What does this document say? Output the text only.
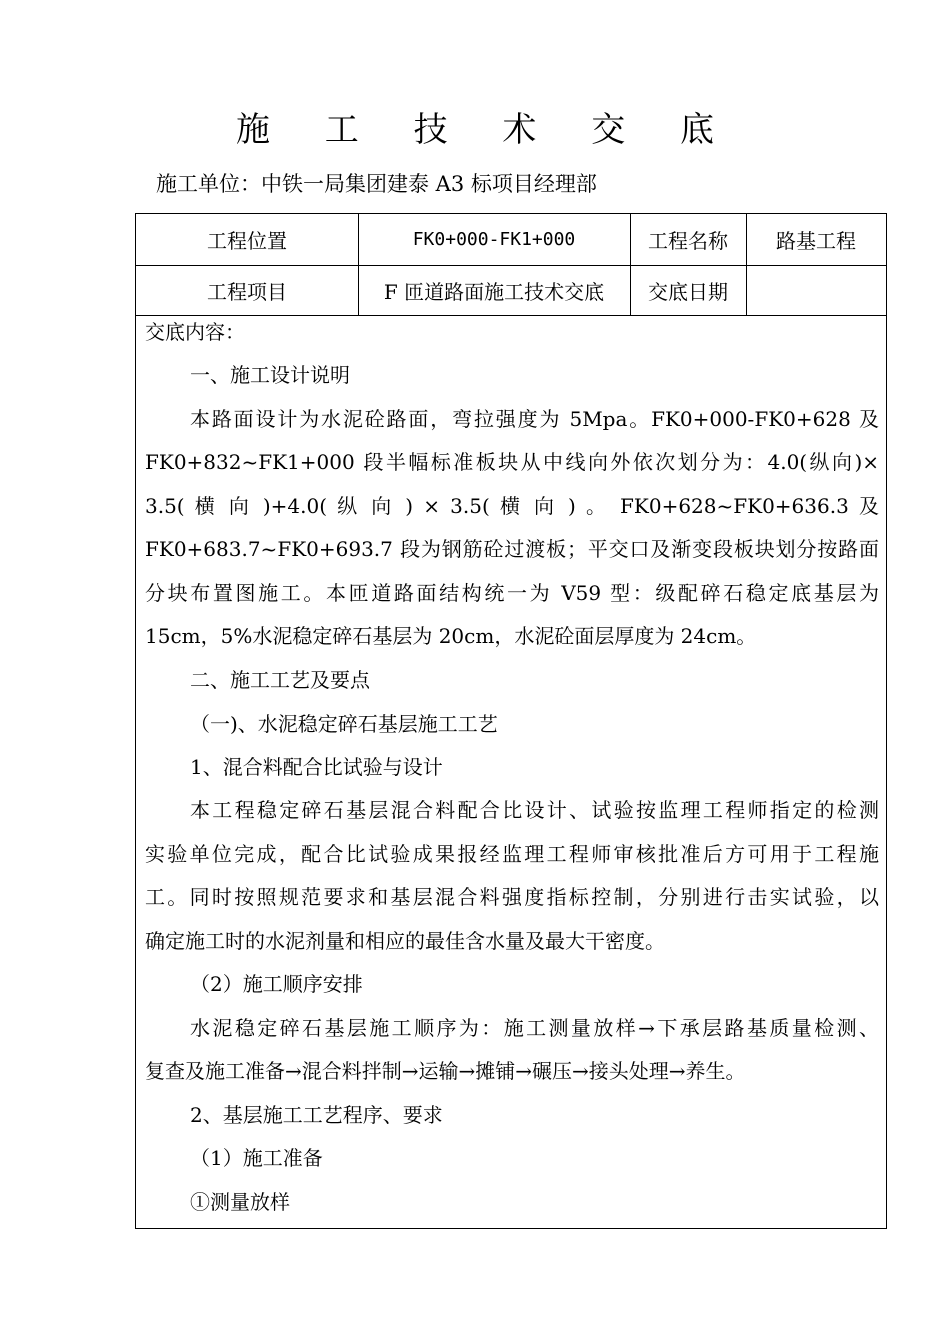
施 工 技 术 交 底
施工单位：中铁一局集团建泰 A3 标项目经理部
工程位置	FK0+000-FK1+000	工程名称	路基工程
工程项目	F 匝道路面施工技术交底	交底日期
交底内容：
一、施工设计说明
本路面设计为水泥砼路面，弯拉强度为 5Mpa。FK0+000-FK0+628 及
FK0+832~FK1+000 段半幅标准板块从中线向外依次划分为：4.0(纵向)×
3.5( 横 向 )+4.0( 纵 向 ) × 3.5( 横 向 ) 。 FK0+628~FK0+636.3 及
FK0+683.7~FK0+693.7 段为钢筋砼过渡板；平交口及渐变段板块划分按路面
分块布置图施工。本匝道路面结构统一为 V59 型：级配碎石稳定底基层为
15cm，5%水泥稳定碎石基层为 20cm，水泥砼面层厚度为 24cm。
二、施工工艺及要点
（一)、水泥稳定碎石基层施工工艺
1、混合料配合比试验与设计
本工程稳定碎石基层混合料配合比设计、试验按监理工程师指定的检测
实验单位完成，配合比试验成果报经监理工程师审核批准后方可用于工程施
工。同时按照规范要求和基层混合料强度指标控制，分别进行击实试验，以
确定施工时的水泥剂量和相应的最佳含水量及最大干密度。
（2）施工顺序安排
水泥稳定碎石基层施工顺序为：施工测量放样→下承层路基质量检测、
复查及施工准备→混合料拌制→运输→摊铺→碾压→接头处理→养生。
2、基层施工工艺程序、要求
（1）施工准备
①测量放样
